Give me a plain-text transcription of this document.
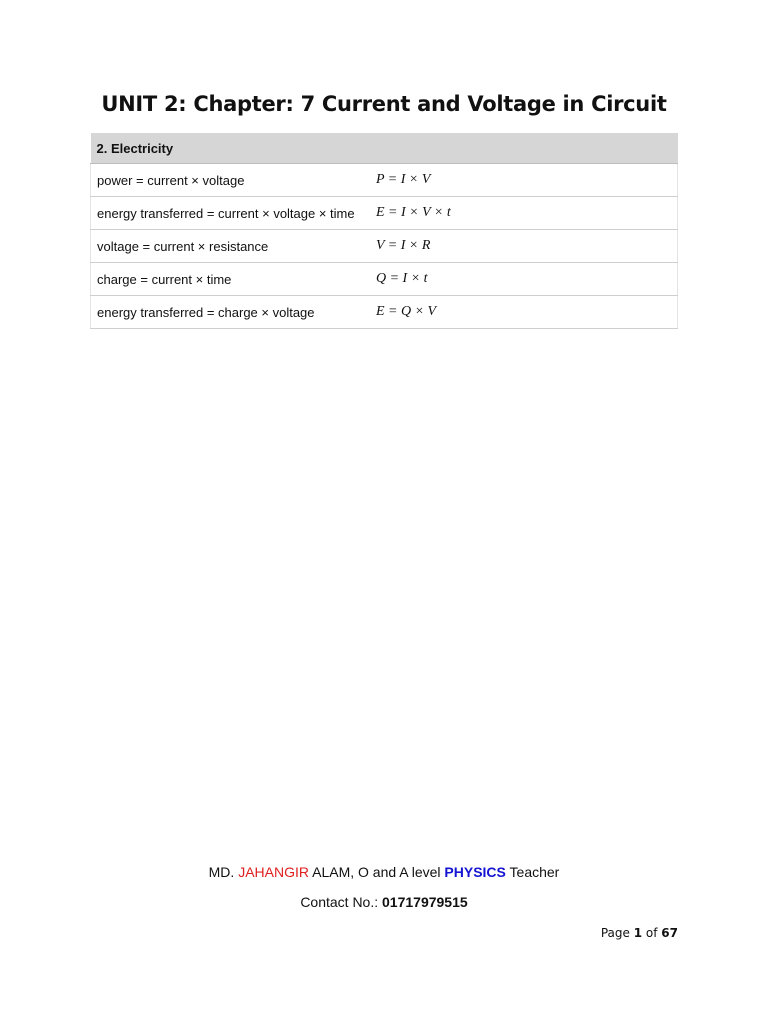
UNIT 2: Chapter: 7 Current and Voltage in Circuit
2. Electricity	
power = current × voltage	P = I × V
energy transferred = current × voltage × time	E = I × V × t
voltage = current × resistance	V = I × R
charge = current × time	Q = I × t
energy transferred = charge × voltage	E = Q × V
MD. JAHANGIR ALAM, O and A level PHYSICS Teacher
Contact No.: 01717979515
Page 1 of 67
